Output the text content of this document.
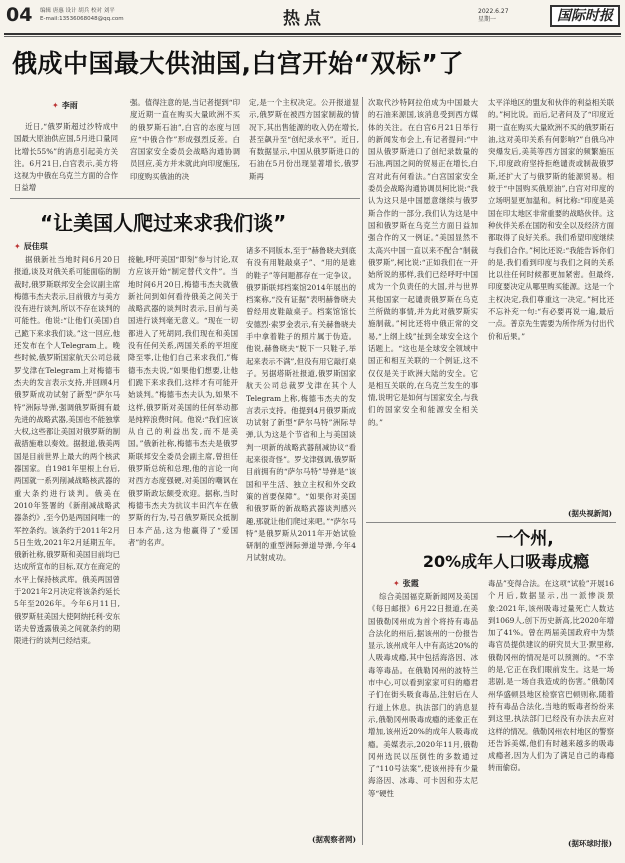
04 编辑 唐惠 设计 胡兵 校对 刘平
E-mail:13536068048@qq.com	热点	2022.6.27
星期一	国际时报
俄成中国最大供油国,白宫开始“双标”了
✦ 李雨

近日,“俄罗斯超过沙特成中国最大原油供应国,5月进口量同比增长55%”的消息引起美方关注。6月21日,白宫表示,美方将这视为中俄在乌克兰方面的合作日益增

强。值得注意的是,当记者提到“印度近期一直在购买大量欧洲不买的俄罗斯石油”,白宫的态度与回应“中俄合作”形成强烈反差。白宫国家安全委员会战略沟通协调员回应,美方并未就此向印度施压,印度购买俄油的决

定,是一个主权决定。公开报道显示,俄罗斯在被西方国家制裁的情况下,其出售能源的收入仍在增长,甚至飙升至“创纪录水平”。近日,有数据显示,中国从俄罗斯进口的石油在5月份出现显著增长,俄罗斯再

次取代沙特阿拉伯成为中国最大的石油来源国,该消息受到西方媒体的关注。在白宫6月21日举行的新闻发布会上,有记者提问:“中国从俄罗斯进口了创纪录数量的石油,两国之间的贸易正在增长,白宫对此有何看法。”白宫国家安全委员会战略沟通协调员柯比说:“我认为这只是中国愿意继续与俄罗斯合作的一部分,我们认为这是中国和俄罗斯在乌克兰方面日益加强合作的又一例证。”美国显然不太高兴中国一直以来不配合“制裁俄罗斯”,柯比说:“正如我们在一开始所说的那样,我们已经呼吁中国成为一个负责任的大国,并与世界其他国家一起谴责俄罗斯在乌克兰所做的事情,并为此对俄罗斯实施制裁。”柯比还将中俄正常的交易,“上纲上线”扯到全球安全这个话题上。“这也是全球安全领域中国正和相互关联的一个例证,这不仅仅是关于欧洲大陆的安全。它是相互关联的,在乌克兰发生的事情,说明它是如何与国家安全,与我们的国家安全和能源安全相关的。”

太平洋地区的盟友和伙伴的利益相关联的。”柯比说。而后,记者问及了“印度近期一直在购买大量欧洲不买的俄罗斯石油,这对美印关系有何影响?”自俄乌冲突爆发后,美英等西方国家的频繁施压下,印度政府坚持拒绝谴责或制裁俄罗斯,还扩大了与俄罗斯的能源贸易。相较于“中国购买俄原油”,白宫对印度的立场明显更加温和。柯比称:“印度是美国在印太地区非常重要的战略伙伴。这种伙伴关系在国防和安全以及经济方面都取得了良好关系。我们希望印度继续与我们合作。”柯比还说:“我能告诉你们的是,我们看到印度与我们之间的关系比以往任何时候都更加紧密。但最终,印度要决定从哪里购买能源。这是一个主权决定,我们尊重这一决定。”柯比还不忘补充一句:“有必要再说一遍,最后一点。普京先生需要为所作所为付出代价和后果。”

(据央视新闻)
“让美国人爬过来求我们谈”
✦ 辰佳琪

据俄新社当地时间6月20日报道,谈及对俄关系可能面临的制裁时,俄罗斯联邦安全会议副主席梅德韦杰夫表示,目前俄方与美方没有进行谈判,所以不存在谈判的可能性。他说:“让他们(美国)自己跪下来求我们谈。”这一回应,他还发布在个人Telegram上。晚些时候,俄罗斯国家航天公司总裁罗戈津在Telegram上对梅德韦杰夫的发言表示支持,并回顾4月俄罗斯成功试射了新型“萨尔马特”洲际导弹,强调俄罗斯拥有最先进的战略武器,美国也不能独掌大权,这些都让美国对俄罗斯的制裁措施难以奏效。据报道,俄美两国是目前世界上最大的两个核武器国家。自1981年里根上台后,两国就一系列削减战略核武器的重大条约进行谈判。俄美在2010年签署的《新削减战略武器条约》,至今仍是两国间唯一的军控条约。该条约于2011年2月5日生效,2021年2月延期五年。俄新社称,俄罗斯和美国目前均已达成所宣布的目标,双方在商定的水平上保持核武库。俄美两国曾于2021年2月决定将该条约延长5年至2026年。今年6月11日,俄罗斯驻美国大使阿纳托利·安东诺夫曾透露俄美之间就条约的期限进行的谈判已经结束。

接触,呼吁美国“即刻”参与讨论,双方应该开始“制定替代文件”。当地时间6月20日,梅德韦杰夫就俄新社问到如何看待俄美之间关于战略武器的谈判时表示,目前与美国进行谈判毫无意义。“现在一切都进入了死胡同,我们现在和美国没有任何关系,两国关系的平坦度降至零,让他们自己来求我们,”梅德韦杰夫说,“如果他们想要,让他们跪下来求我们,这样才有可能开始谈判。”梅德韦杰夫认为,如果不这样,俄罗斯对美国的任何举动都是纯粹浪费时间。他说:“我们应该从自己的利益出发,而不是美国。”俄新社称,梅德韦杰夫是俄罗斯联邦安全委员会副主席,曾担任俄罗斯总统和总理,他的言论一向对西方态度强硬,对美国的嘲讽在俄罗斯政坛颇受欢迎。据称,当时梅德韦杰夫为抗议丰田汽车在俄罗斯的行为,号召俄罗斯民众抵制日本产品,这为他赢得了“爱国者”的名声。

诸多不同版本,至于“赫鲁晓夫到底有没有用鞋敲桌子”、“用的是谁的鞋子”等问题都存在一定争议。俄罗斯联邦档案馆2014年展出的档案称,“没有证据”表明赫鲁晓夫曾经用皮鞋敲桌子。档案馆馆长安德烈·索罗金表示,有关赫鲁晓夫手中拿着鞋子的照片属于伪造。他说,赫鲁晓夫“脱下一只鞋子,举起来表示不满”,但没有用它敲打桌子。另据塔斯社报道,俄罗斯国家航天公司总裁罗戈津在其个人Telegram上称,梅德韦杰夫的发言表示支持。他提到4月俄罗斯成功试射了新型“萨尔马特”洲际导弹,认为这是个节省和上与美国谈判一项新的战略武器削减协议“看起来很奇怪”。罗戈津强调,俄罗斯目前拥有的“萨尔马特”导弹是“该国和平生活、独立主权和外交政策的首要保障”。“如果你对美国和俄罗斯的新战略武器谈判感兴趣,那就让他们爬过来吧。”“萨尔马特”是俄罗斯从2011年开始试验研制的重型洲际弹道导弹,今年4月试射成功。

(据观察者网)
一个州,
20%成年人口吸毒成瘾
✦ 张霞

综合美国福克斯新闻网及美国《每日邮报》6月22日报道,在美国俄勒冈州成为首个将持有毒品合法化的州后,据该州的一份报告显示,该州成年人中有高达20%的人吸毒成瘾,其中包括海洛因、冰毒等毒品。在俄勒冈州的波特兰市中心,可以看到家家可归的瘾君子们在街头吸食毒品,注射后在人行道上休息。执法部门的消息显示,俄勒冈州吸毒成瘾的迹象正在增加,该州近20%的成年人吸毒成瘾。美媒表示,2020年11月,俄勒冈州选民以压倒性的多数通过了“110号法案”,使该州持有少量海洛因、冰毒、可卡因和芬太尼等“硬性

毒品”变得合法。在这项“试验”开展16个月后,数据显示,出一派惨淡景象:2021年,该州吸毒过量死亡人数达到1069人,创下历史新高,比2020年增加了41%。曾在两届美国政府中为禁毒官员提供建议的研究员大卫·默里称,俄勒冈州的情况是可以预测的。“不幸的是,它正在我们眼前发生。这是一场悲剧,是一场自我造成的伤害。”俄勒冈州华盛顿县地区检察官巴顿则称,随着持有毒品合法化,当地的贩毒者纷纷来到这里,执法部门已经没有办法去应对这样的情况。俄勒冈州农村地区的警察还告诉美媒,他们有时越来越多的吸毒成瘾者,因为人们为了满足自己的毒瘾转而偷窃。

(据环球时报)
